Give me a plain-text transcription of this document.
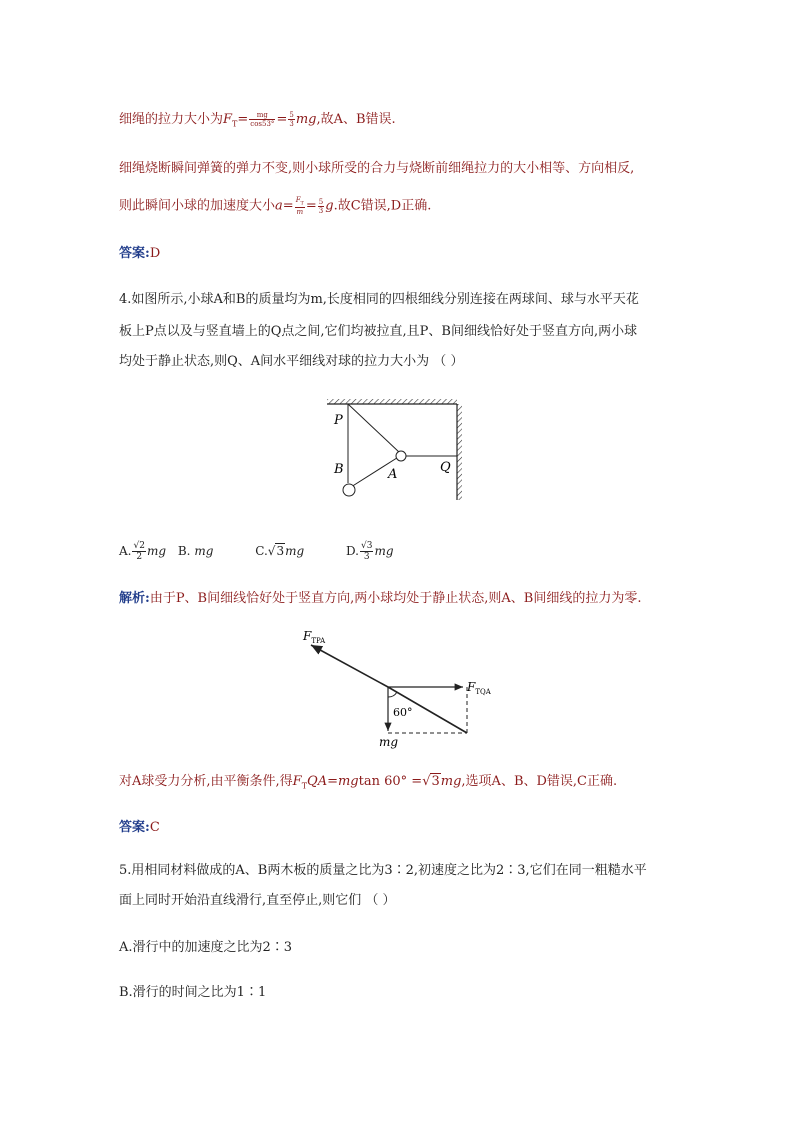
细绳的拉力大小为$F_T= \frac{mg}{\cos 53^\circ} = \frac{5}{3}$ mg,故A、B错误.
细绳烧断瞬间弹簧的弹力不变,则小球所受的合力与烧断前细绳拉力的大小相等、方向相反,
则此瞬间小球的加速度大小$a= \frac{F_T}{m} = \frac{5}{3} g$.故C错误,D正确.
答案:D
4.如图所示,小球A和B的质量均为m,长度相同的四根细线分别连接在两球间、球与水平天花
板上P点以及与竖直墙上的Q点之间,它们均被拉直,且P、B间细线恰好处于竖直方向,两小球
均处于静止状态,则Q、A间水平细线对球的拉力大小为 （ ）
P
B	A	Q
A. $\frac{√2}{2}$ mg B. mg	C.√3mg	D. $\frac{√3}{3}$ mg
解析:由于P、B间细线恰好处于竖直方向,两小球均处于静止状态,则A、B间细线的拉力为零.
$F_{TPA}$
$F_{TQA}$
60°
mg
对A球受力分析,由平衡条件,得$F_TQA=mgtan$ 60° =√3mg,选项A、B、D错误,C正确.
答案:C
5.用相同材料做成的A、B两木板的质量之比为3∶2,初速度之比为2∶3,它们在同一粗糙水平
面上同时开始沿直线滑行,直至停止,则它们 （ ）
A.滑行中的加速度之比为2∶3
B.滑行的时间之比为1∶1
